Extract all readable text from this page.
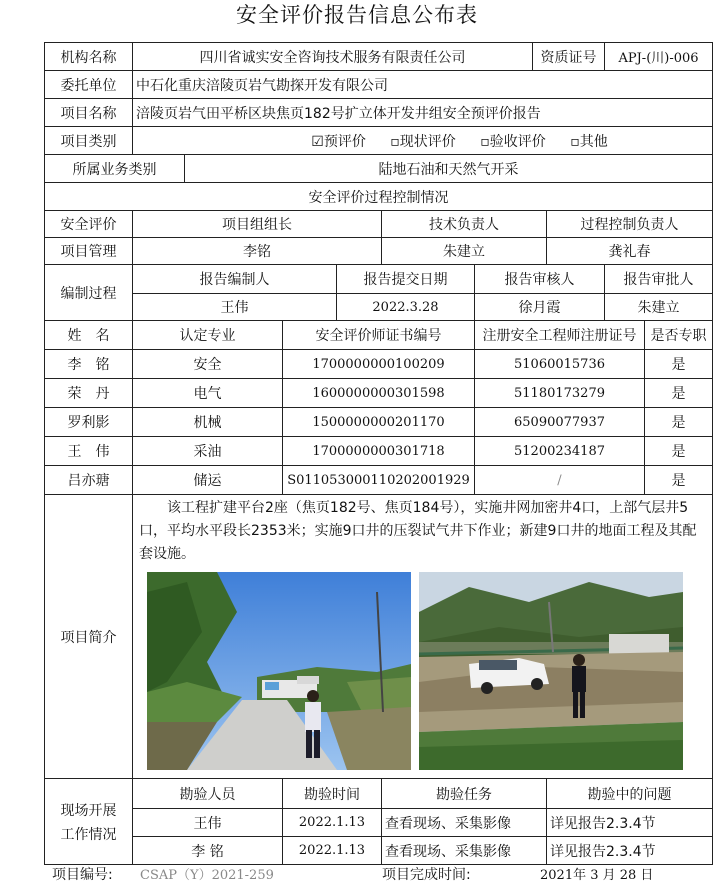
安全评价报告信息公布表
机构名称	四川省诚实安全咨询技术服务有限责任公司						资质证号		APJ-(川)-006	
委托单位	中石化重庆涪陵页岩气勘探开发有限公司									
项目名称	涪陵页岩气田平桥区块焦页182号扩立体开发井组安全预评价报告									
项目类别	☑预评价 ▫现状评价 ▫验收评价 ▫其他									
所属业务类别		陆地石油和天然气开采								
安全评价过程控制情况										
安全评价	项目组组长				技术负责人			过程控制负责人		
项目管理	李铭				朱建立			龚礼春		
编制过程	报告编制人			报告提交日期		报告审核人			报告审批人	
	王伟			2022.3.28		徐月霞			朱建立	
姓　名	认定专业		安全评价师证书编号			注册安全工程师注册证号				是否专职
李　铭	安全		1700000000100209			51060015736				是
荣　丹	电气		1600000000301598			51180173279				是
罗利影	机械		1500000000201170			65090077937				是
王　伟	采油		1700000000301718			51200234187				是
吕亦瑭	储运		S011053000110202001929			/				是
项目简介	该工程扩建平台2座（焦页182号、焦页184号），实施井网加密井4口，上部气层井5口，平均水平段长2353米；实施9口井的压裂试气井下作业；新建9口井的地面工程及其配套设施。									

现场开展
工作情况	勘验人员		勘验时间		勘验任务			勘验中的问题		
	王伟		2022.1.13		查看现场、采集影像			详见报告2.3.4节		
	李 铭		2022.1.13		查看现场、采集影像			详见报告2.3.4节		
项目编号: CSAP（Y）2021-259	项目完成时间:	2021年 3 月 28 日
